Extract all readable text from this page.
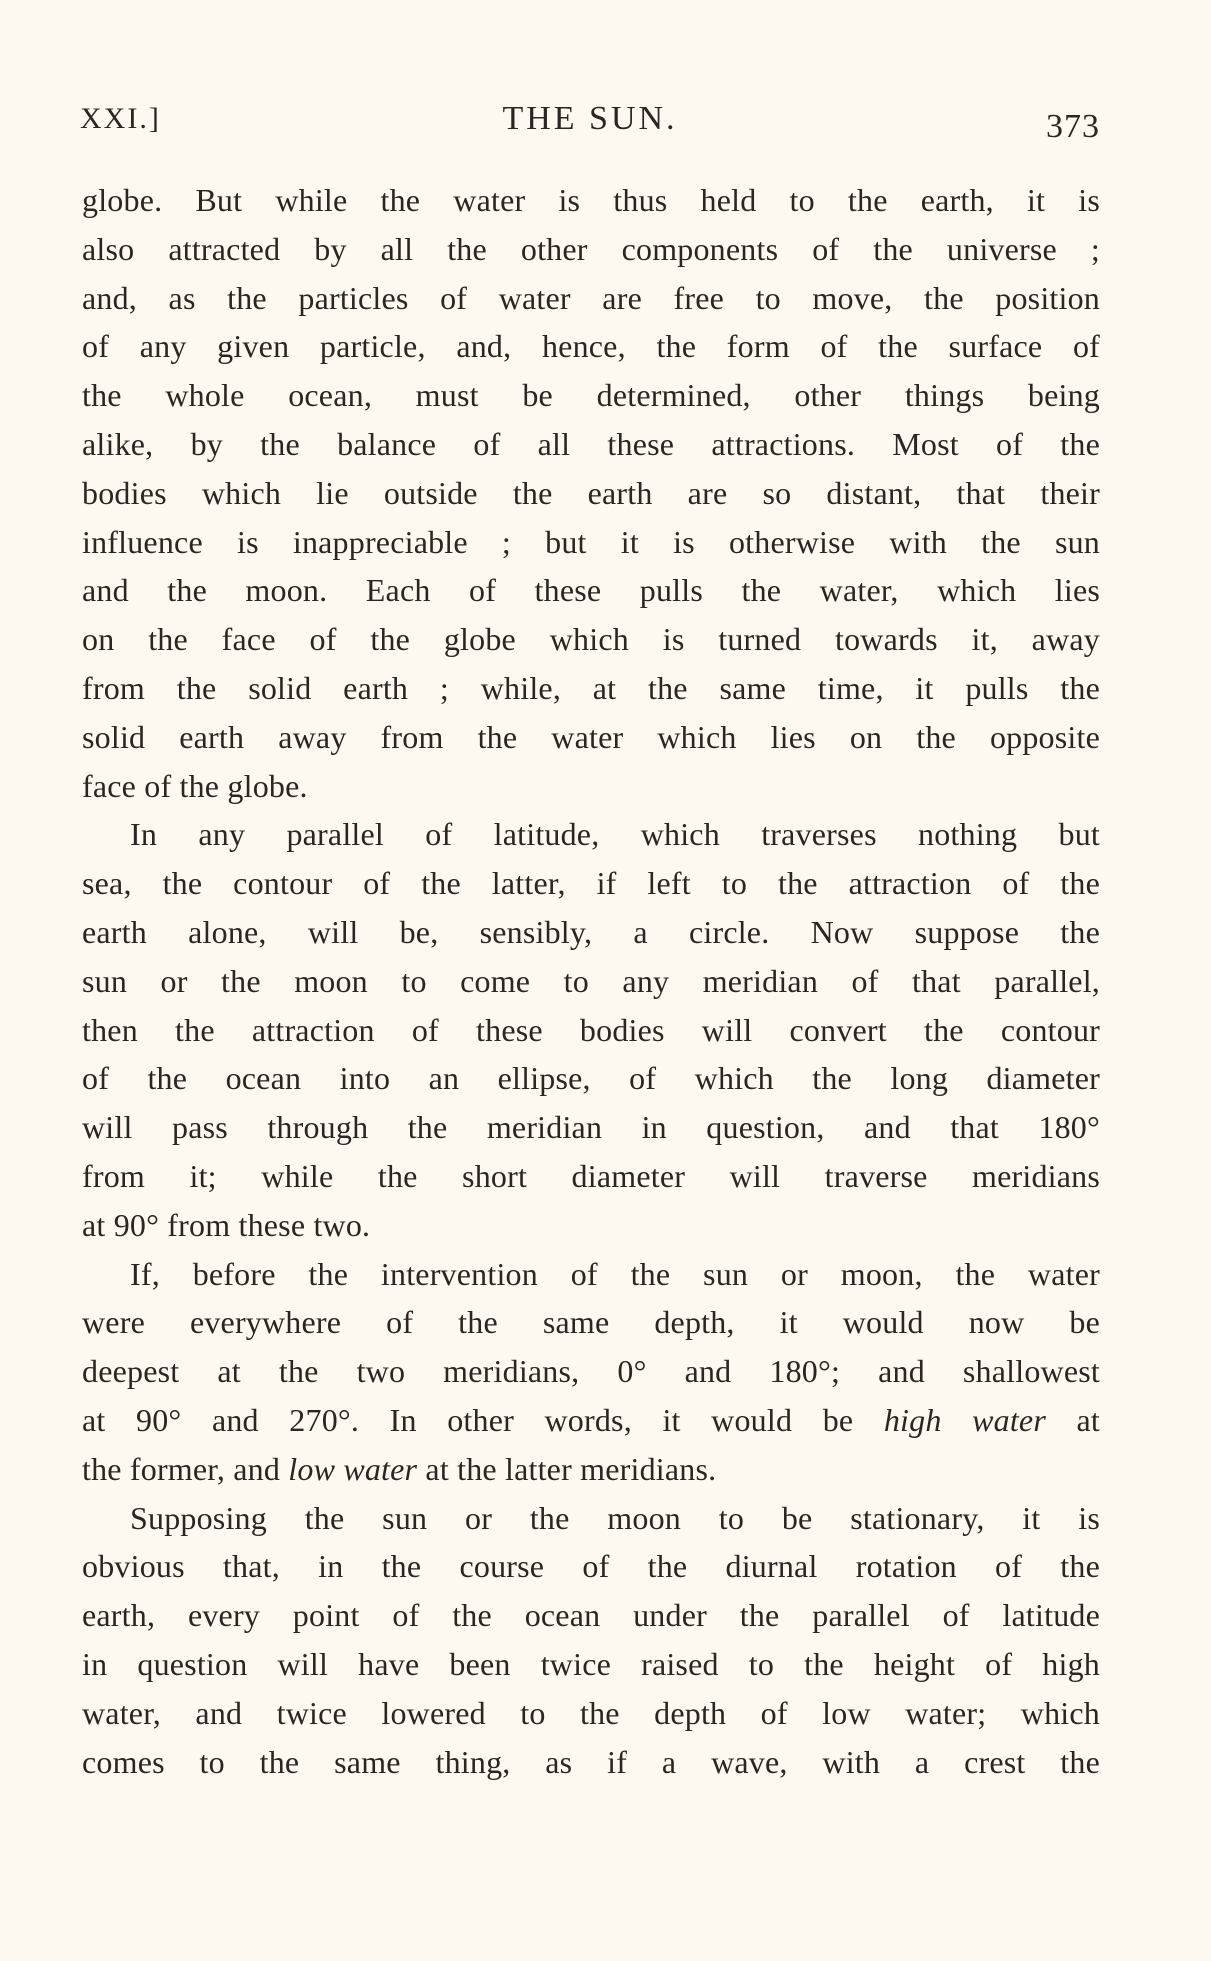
XXI.]	THE SUN.	373
globe. But while the water is thus held to the earth, it is
also attracted by all the other components of the universe ;
and, as the particles of water are free to move, the position
of any given particle, and, hence, the form of the surface of
the whole ocean, must be determined, other things being
alike, by the balance of all these attractions. Most of the
bodies which lie outside the earth are so distant, that their
influence is inappreciable ; but it is otherwise with the sun
and the moon. Each of these pulls the water, which lies
on the face of the globe which is turned towards it, away
from the solid earth ; while, at the same time, it pulls the
solid earth away from the water which lies on the opposite
face of the globe.
In any parallel of latitude, which traverses nothing but
sea, the contour of the latter, if left to the attraction of the
earth alone, will be, sensibly, a circle. Now suppose the
sun or the moon to come to any meridian of that parallel,
then the attraction of these bodies will convert the contour
of the ocean into an ellipse, of which the long diameter
will pass through the meridian in question, and that 180°
from it; while the short diameter will traverse meridians
at 90° from these two.
If, before the intervention of the sun or moon, the water
were everywhere of the same depth, it would now be
deepest at the two meridians, 0° and 180°; and shallowest
at 90° and 270°. In other words, it would be high water at
the former, and low water at the latter meridians.
Supposing the sun or the moon to be stationary, it is
obvious that, in the course of the diurnal rotation of the
earth, every point of the ocean under the parallel of latitude
in question will have been twice raised to the height of high
water, and twice lowered to the depth of low water; which
comes to the same thing, as if a wave, with a crest the
